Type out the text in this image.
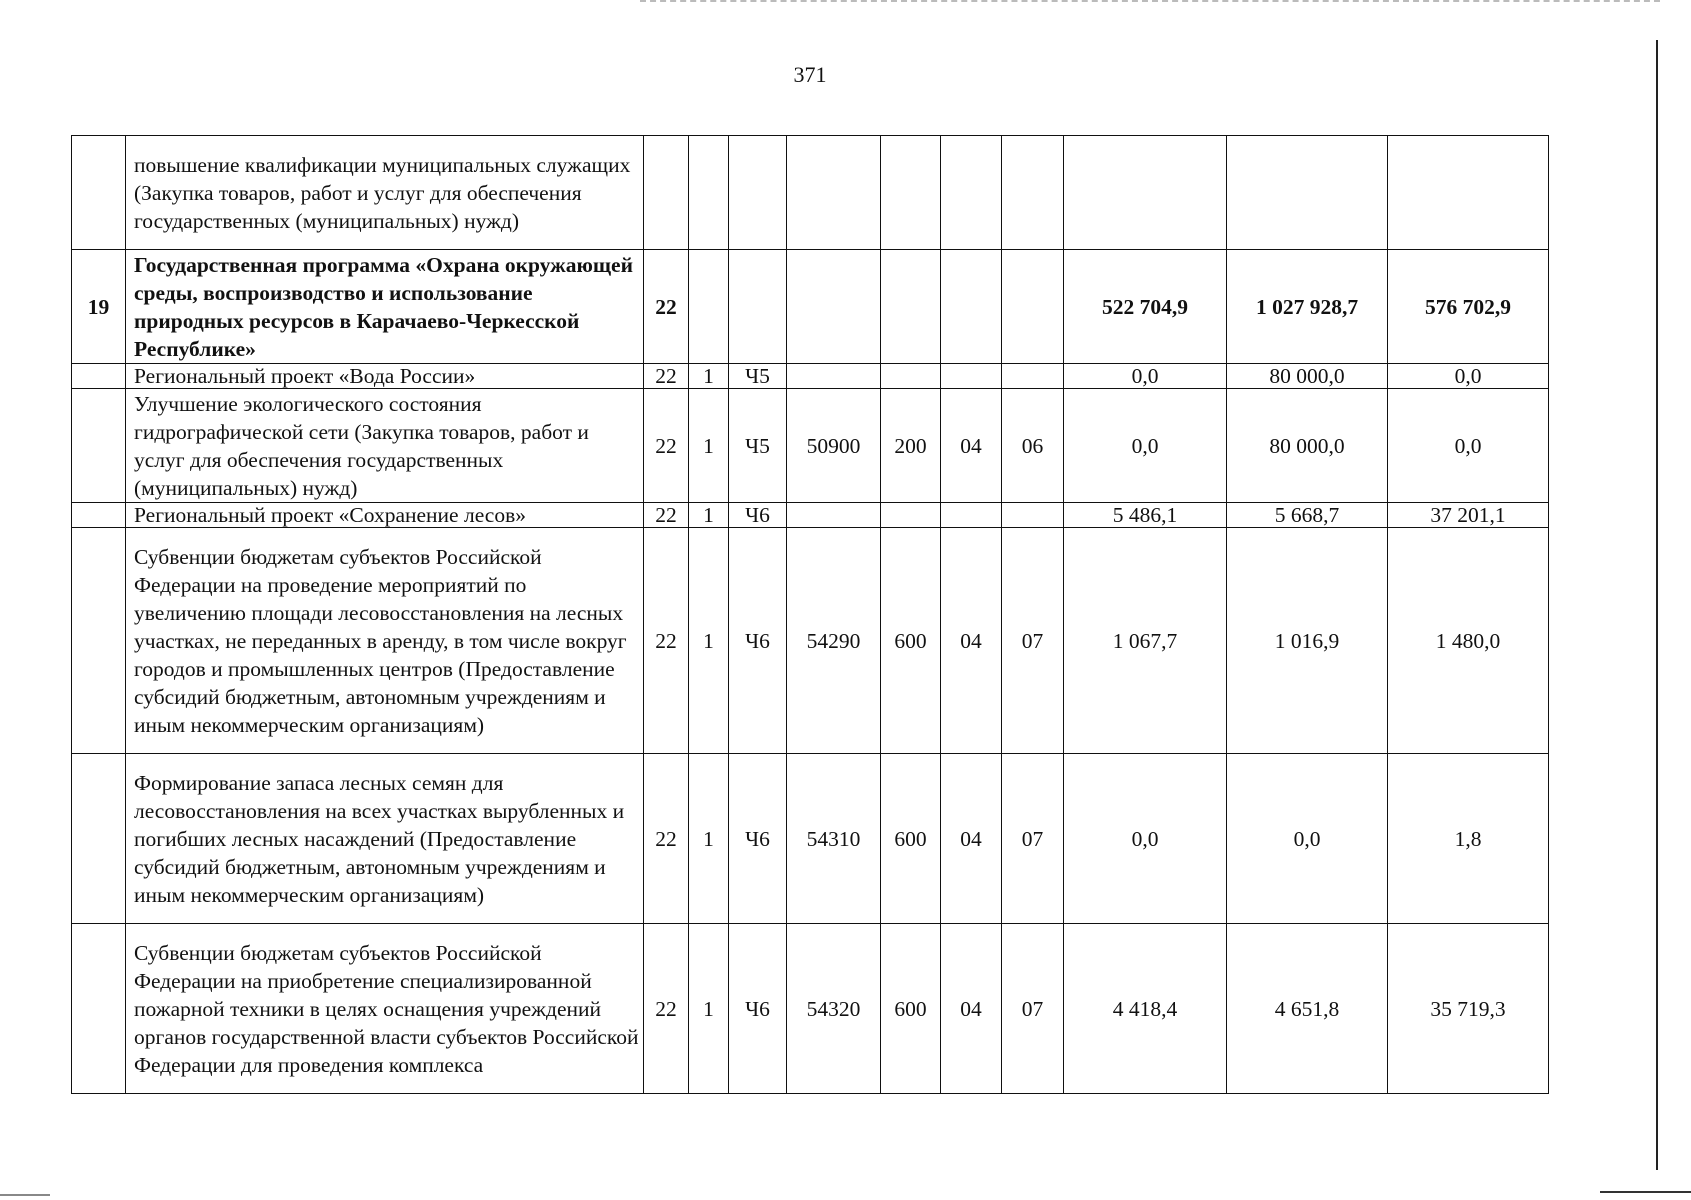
371
	повышение квалификации муниципальных служащих (Закупка товаров, работ и услуг для обеспечения государственных (муниципальных) нужд)										
19	Государственная программа «Охрана окружающей среды, воспроизводство и использование природных ресурсов в Карачаево-Черкесской Республике»	22							522 704,9	1 027 928,7	576 702,9
	Региональный проект «Вода России»	22	1	Ч5					0,0	80 000,0	0,0
	Улучшение экологического состояния гидрографической сети (Закупка товаров, работ и услуг для обеспечения государственных (муниципальных) нужд)	22	1	Ч5	50900	200	04	06	0,0	80 000,0	0,0
	Региональный проект «Сохранение лесов»	22	1	Ч6					5 486,1	5 668,7	37 201,1
	Субвенции бюджетам субъектов Российской Федерации на проведение мероприятий по увеличению площади лесовосстановления на лесных участках, не переданных в аренду, в том числе вокруг городов и промышленных центров (Предоставление субсидий бюджетным, автономным учреждениям и иным некоммерческим организациям)	22	1	Ч6	54290	600	04	07	1 067,7	1 016,9	1 480,0
	Формирование запаса лесных семян для лесовосстановления на всех участках вырубленных и погибших лесных насаждений (Предоставление субсидий бюджетным, автономным учреждениям и иным некоммерческим организациям)	22	1	Ч6	54310	600	04	07	0,0	0,0	1,8
	Субвенции бюджетам субъектов Российской Федерации на приобретение специализированной пожарной техники в целях оснащения учреждений органов государственной власти субъектов Российской Федерации для проведения комплекса	22	1	Ч6	54320	600	04	07	4 418,4	4 651,8	35 719,3
